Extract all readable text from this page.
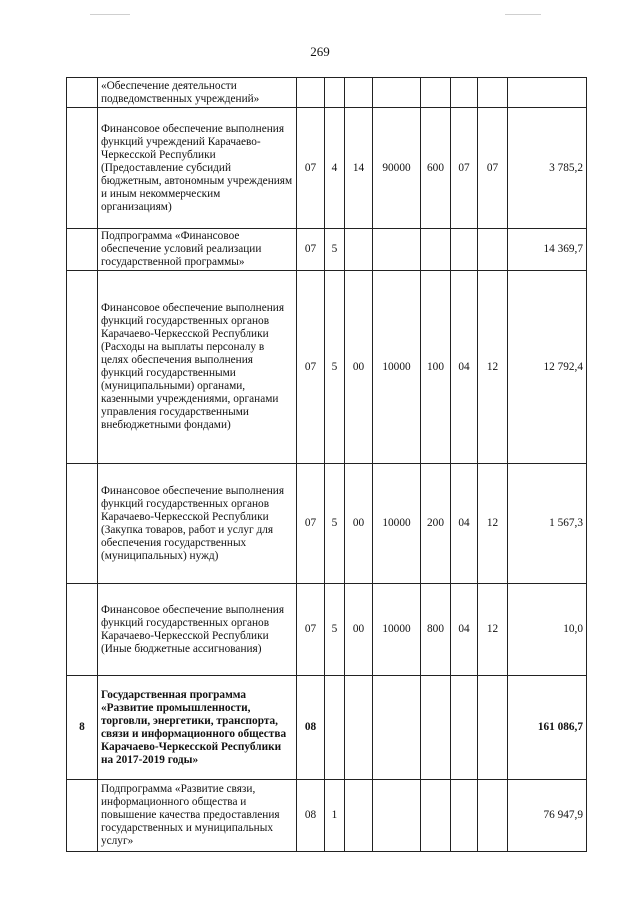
269
	«Обеспечение деятельности подведомственных учреждений»								
	Финансовое обеспечение выполнения функций учреждений Карачаево-Черкесской Республики (Предоставление субсидий бюджетным, автономным учреждениям и иным некоммерческим организациям)	07	4	14	90000	600	07	07	3 785,2
	Подпрограмма «Финансовое обеспечение условий реализации государственной программы»	07	5						14 369,7
	Финансовое обеспечение выполнения функций государственных органов Карачаево-Черкесской Республики (Расходы на выплаты персоналу в целях обеспечения выполнения функций государственными (муниципальными) органами, казенными учреждениями, органами управления государственными внебюджетными фондами)	07	5	00	10000	100	04	12	12 792,4
	Финансовое обеспечение выполнения функций государственных органов Карачаево-Черкесской Республики (Закупка товаров, работ и услуг для обеспечения государственных (муниципальных) нужд)	07	5	00	10000	200	04	12	1 567,3
	Финансовое обеспечение выполнения функций государственных органов Карачаево-Черкесской Республики (Иные бюджетные ассигнования)	07	5	00	10000	800	04	12	10,0
8	Государственная программа «Развитие промышленности, торговли, энергетики, транспорта, связи и информационного общества Карачаево-Черкесской Республики на 2017-2019 годы»	08							161 086,7
	Подпрограмма «Развитие связи, информационного общества и повышение качества предоставления государственных и муниципальных услуг»	08	1						76 947,9
